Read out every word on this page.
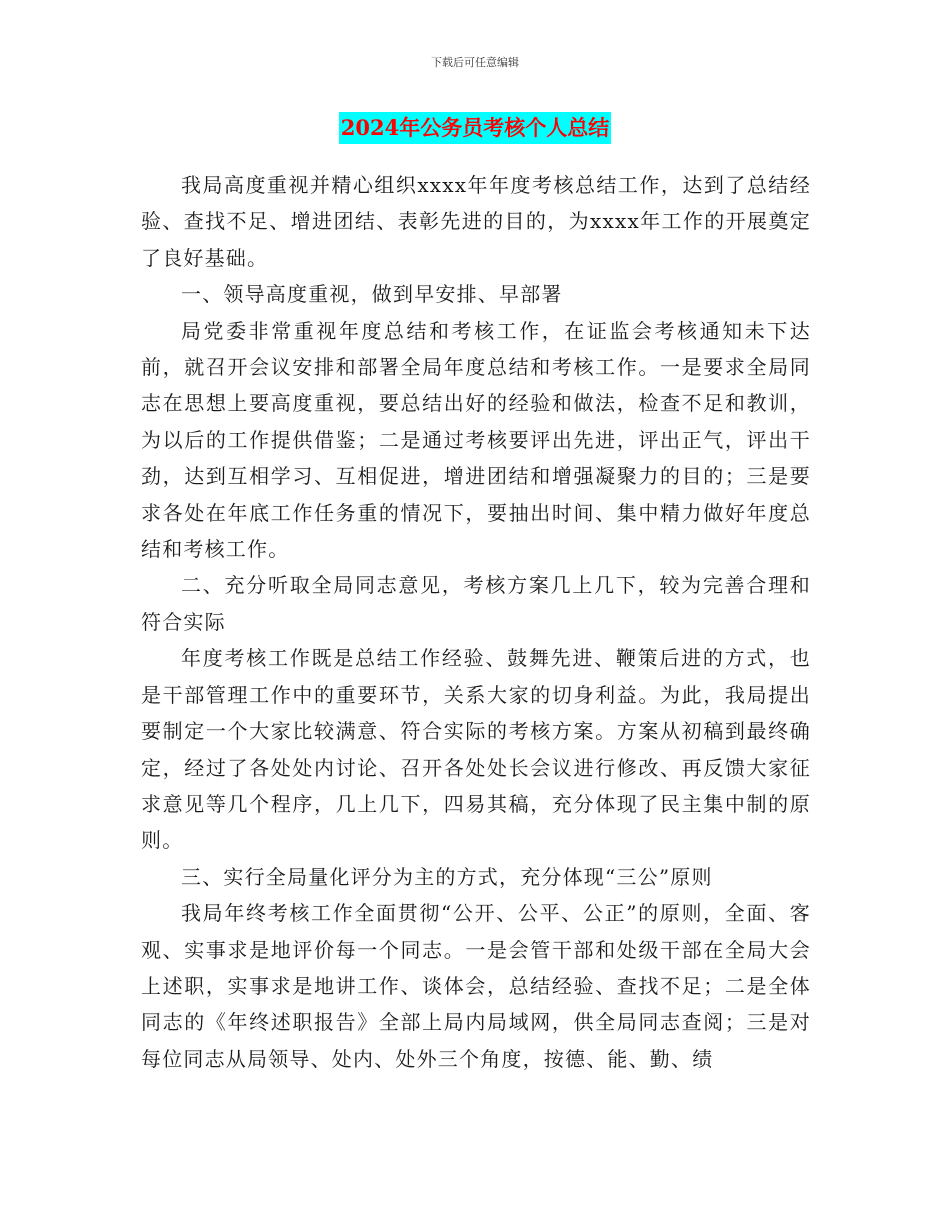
下载后可任意编辑
2024年公务员考核个人总结

我局高度重视并精心组织xxxx年年度考核总结工作，达到了总结经验、查找不足、增进团结、表彰先进的目的，为xxxx年工作的开展奠定了良好基础。

一、领导高度重视，做到早安排、早部署

局党委非常重视年度总结和考核工作，在证监会考核通知未下达前，就召开会议安排和部署全局年度总结和考核工作。一是要求全局同志在思想上要高度重视，要总结出好的经验和做法，检查不足和教训，为以后的工作提供借鉴；二是通过考核要评出先进，评出正气，评出干劲，达到互相学习、互相促进，增进团结和增强凝聚力的目的；三是要求各处在年底工作任务重的情况下，要抽出时间、集中精力做好年度总结和考核工作。

二、充分听取全局同志意见，考核方案几上几下，较为完善合理和符合实际

年度考核工作既是总结工作经验、鼓舞先进、鞭策后进的方式，也是干部管理工作中的重要环节，关系大家的切身利益。为此，我局提出要制定一个大家比较满意、符合实际的考核方案。方案从初稿到最终确定，经过了各处处内讨论、召开各处处长会议进行修改、再反馈大家征求意见等几个程序，几上几下，四易其稿，充分体现了民主集中制的原则。

三、实行全局量化评分为主的方式，充分体现“三公”原则

我局年终考核工作全面贯彻“公开、公平、公正”的原则，全面、客观、实事求是地评价每一个同志。一是会管干部和处级干部在全局大会上述职，实事求是地讲工作、谈体会，总结经验、查找不足；二是全体同志的《年终述职报告》全部上局内局域网，供全局同志查阅；三是对每位同志从局领导、处内、处外三个角度，按德、能、勤、绩
